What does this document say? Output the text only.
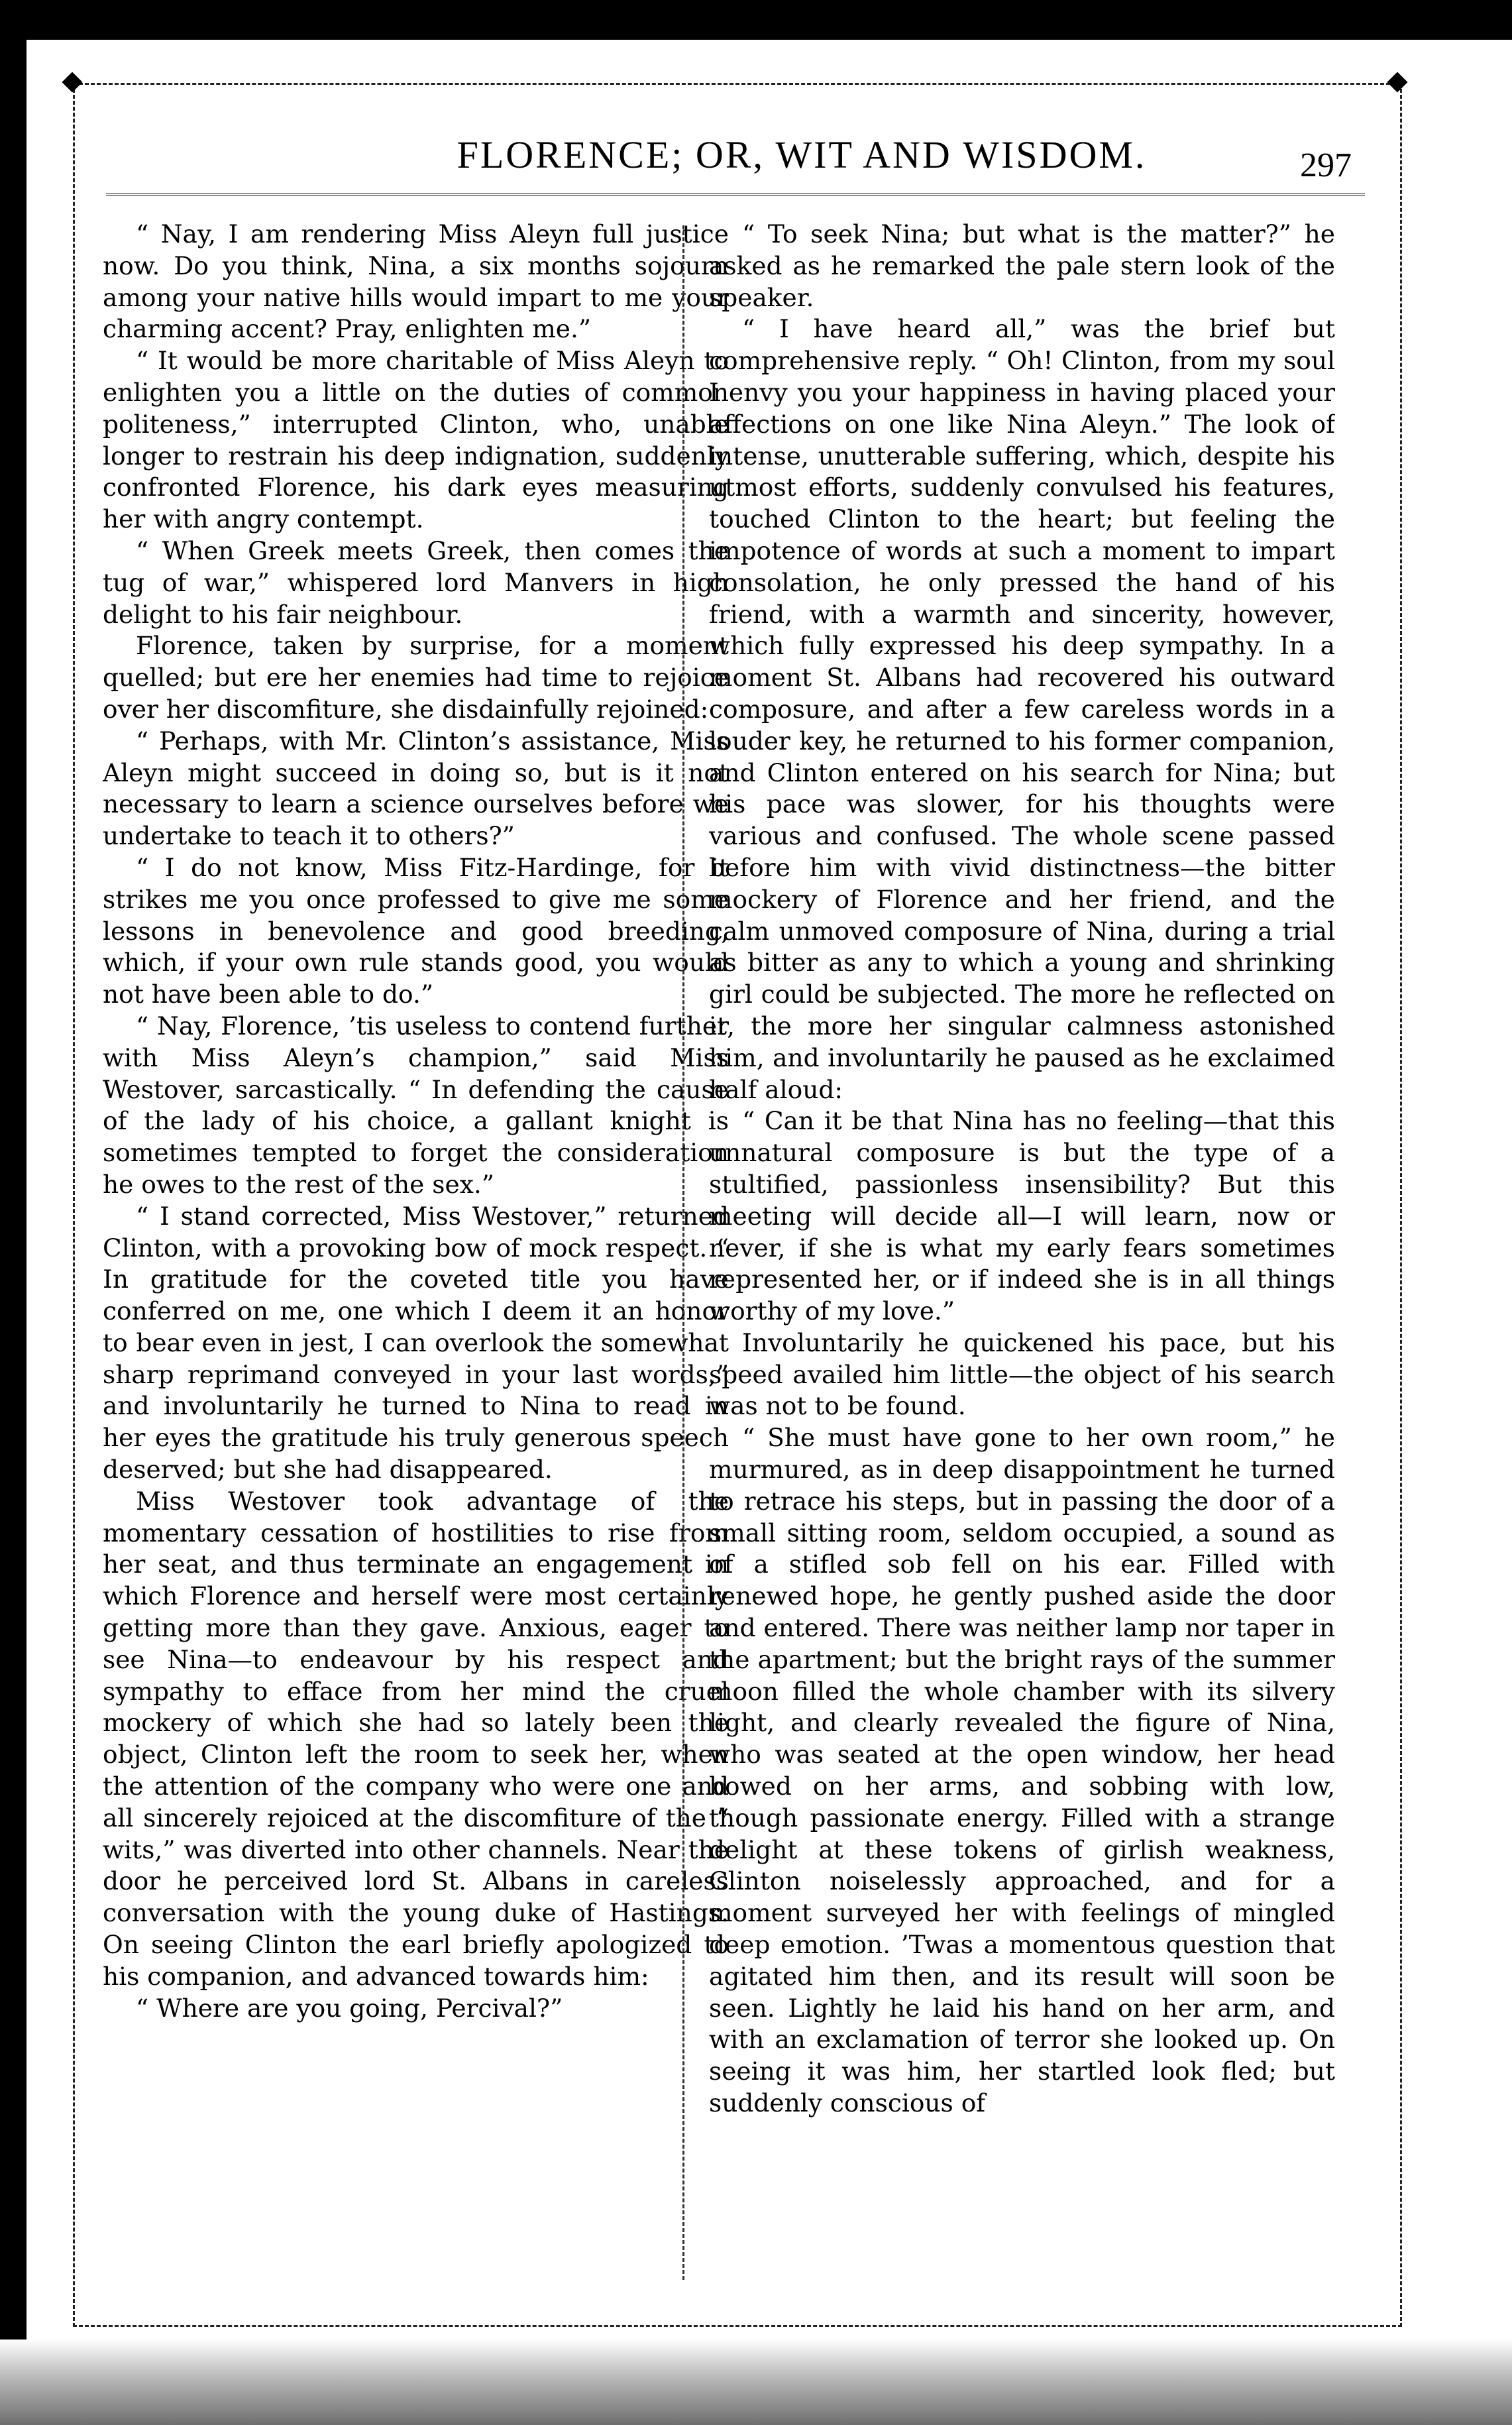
FLORENCE; OR, WIT AND WISDOM.	297

“ Nay, I am rendering Miss Aleyn full justice now. Do you think, Nina, a six months sojourn among your native hills would impart to me your charming accent? Pray, enlighten me.”

“ It would be more charitable of Miss Aleyn to enlighten you a little on the duties of common politeness,” interrupted Clinton, who, unable longer to restrain his deep indignation, suddenly confronted Florence, his dark eyes measuring her with angry contempt.

“ When Greek meets Greek, then comes the tug of war,” whispered lord Manvers in high delight to his fair neighbour.

Florence, taken by surprise, for a moment quelled; but ere her enemies had time to rejoice over her discomfiture, she disdainfully rejoined:

“ Perhaps, with Mr. Clinton’s assistance, Miss Aleyn might succeed in doing so, but is it not necessary to learn a science ourselves before we undertake to teach it to others?”

“ I do not know, Miss Fitz-Hardinge, for it strikes me you once professed to give me some lessons in benevolence and good breeding, which, if your own rule stands good, you would not have been able to do.”

“ Nay, Florence, ’tis useless to contend further with Miss Aleyn’s champion,” said Miss Westover, sarcastically. “ In defending the cause of the lady of his choice, a gallant knight is sometimes tempted to forget the consideration he owes to the rest of the sex.”

“ I stand corrected, Miss Westover,” returned Clinton, with a provoking bow of mock respect. “ In gratitude for the coveted title you have conferred on me, one which I deem it an honor to bear even in jest, I can overlook the somewhat sharp reprimand conveyed in your last words,” and involuntarily he turned to Nina to read in her eyes the gratitude his truly generous speech deserved; but she had disappeared.

Miss Westover took advantage of the momentary cessation of hostilities to rise from her seat, and thus terminate an engagement in which Florence and herself were most certainly getting more than they gave. Anxious, eager to see Nina—to endeavour by his respect and sympathy to efface from her mind the cruel mockery of which she had so lately been the object, Clinton left the room to seek her, when the attention of the company who were one and all sincerely rejoiced at the discomfiture of the “ wits,” was diverted into other channels. Near the door he perceived lord St. Albans in careless conversation with the young duke of Hastings. On seeing Clinton the earl briefly apologized to his companion, and advanced towards him:

“ Where are you going, Percival?”

“ To seek Nina; but what is the matter?” he asked as he remarked the pale stern look of the speaker.

“ I have heard all,” was the brief but comprehensive reply. “ Oh! Clinton, from my soul I envy you your happiness in having placed your affections on one like Nina Aleyn.” The look of intense, unutterable suffering, which, despite his utmost efforts, suddenly convulsed his features, touched Clinton to the heart; but feeling the impotence of words at such a moment to impart consolation, he only pressed the hand of his friend, with a warmth and sincerity, however, which fully expressed his deep sympathy. In a moment St. Albans had recovered his outward composure, and after a few careless words in a louder key, he returned to his former companion, and Clinton entered on his search for Nina; but his pace was slower, for his thoughts were various and confused. The whole scene passed before him with vivid distinctness—the bitter mockery of Florence and her friend, and the calm unmoved composure of Nina, during a trial as bitter as any to which a young and shrinking girl could be subjected. The more he reflected on it, the more her singular calmness astonished him, and involuntarily he paused as he exclaimed half aloud:

“ Can it be that Nina has no feeling—that this unnatural composure is but the type of a stultified, passionless insensibility? But this meeting will decide all—I will learn, now or never, if she is what my early fears sometimes represented her, or if indeed she is in all things worthy of my love.”

Involuntarily he quickened his pace, but his speed availed him little—the object of his search was not to be found.

“ She must have gone to her own room,” he murmured, as in deep disappointment he turned to retrace his steps, but in passing the door of a small sitting room, seldom occupied, a sound as of a stifled sob fell on his ear. Filled with renewed hope, he gently pushed aside the door and entered. There was neither lamp nor taper in the apartment; but the bright rays of the summer moon filled the whole chamber with its silvery light, and clearly revealed the figure of Nina, who was seated at the open window, her head bowed on her arms, and sobbing with low, though passionate energy. Filled with a strange delight at these tokens of girlish weakness, Clinton noiselessly approached, and for a moment surveyed her with feelings of mingled deep emotion. ’Twas a momentous question that agitated him then, and its result will soon be seen. Lightly he laid his hand on her arm, and with an exclamation of terror she looked up. On seeing it was him, her startled look fled; but suddenly conscious of
